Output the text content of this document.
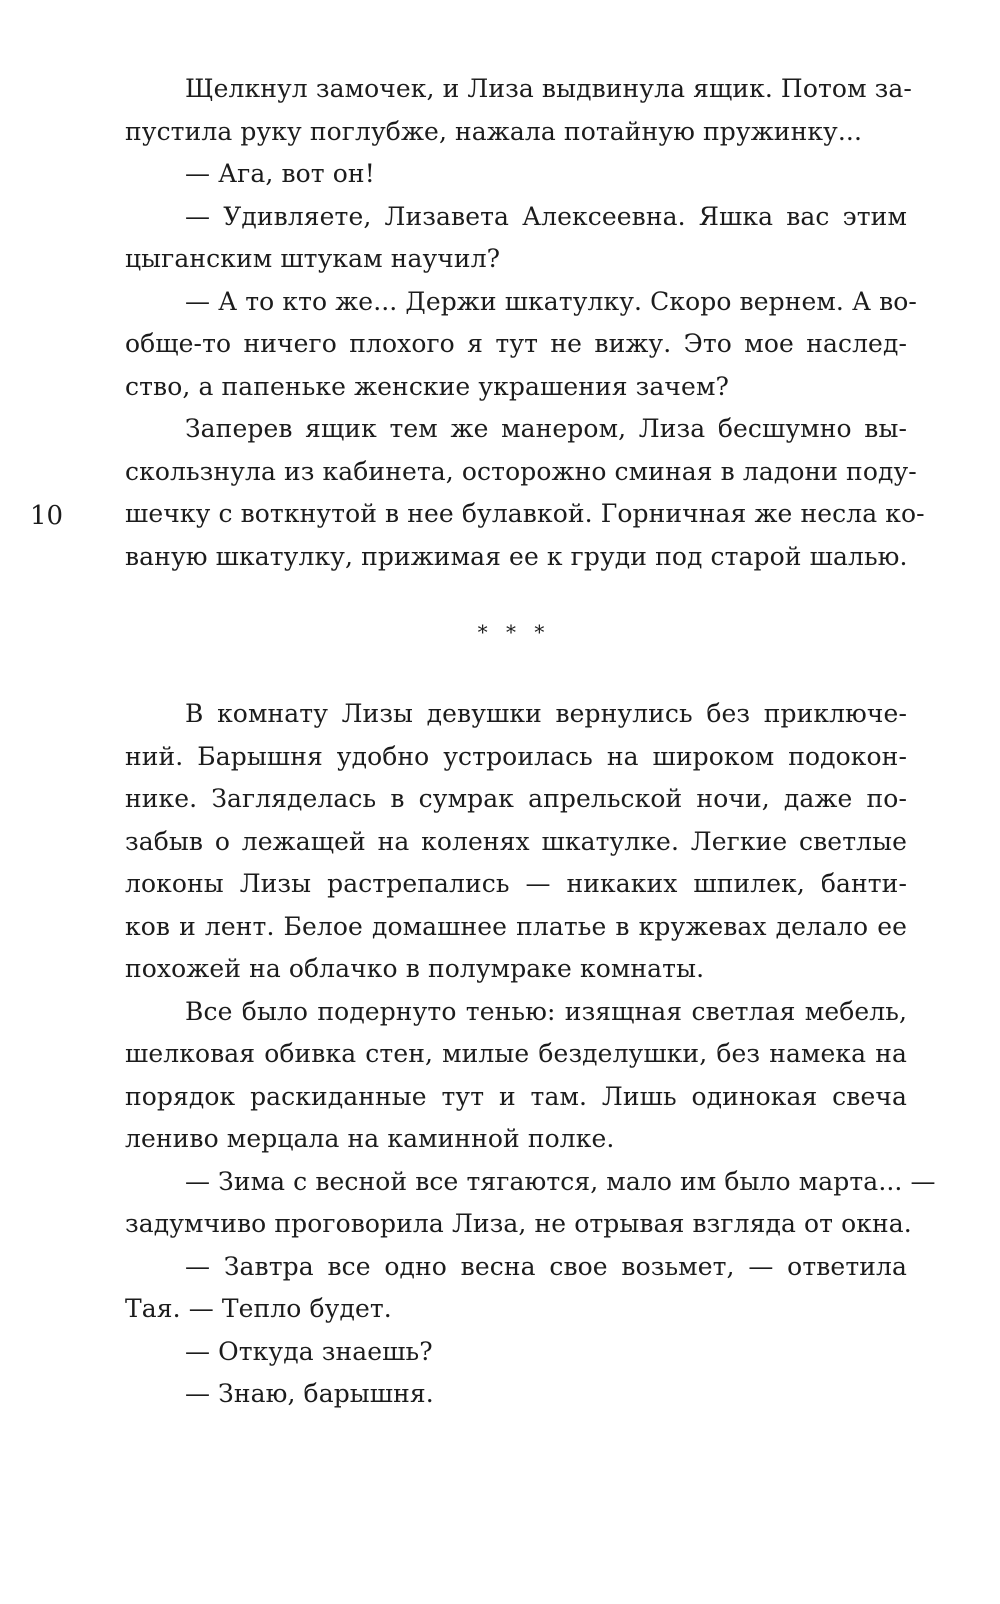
10
Щелкнул замочек, и Лиза выдвинула ящик. Потом за-
пустила руку поглубже, нажала потайную пружинку...
— Ага, вот он!
— Удивляете, Лизавета Алексеевна. Яшка вас этим
цыганским штукам научил?
— А то кто же... Держи шкатулку. Скоро вернем. А во-
обще-то ничего плохого я тут не вижу. Это мое наслед-
ство, а папеньке женские украшения зачем?
Заперев ящик тем же манером, Лиза бесшумно вы-
скользнула из кабинета, осторожно сминая в ладони поду-
шечку с воткнутой в нее булавкой. Горничная же несла ко-
ваную шкатулку, прижимая ее к груди под старой шалью.
* * *
В комнату Лизы девушки вернулись без приключе-
ний. Барышня удобно устроилась на широком подокон-
нике. Загляделась в сумрак апрельской ночи, даже по-
забыв о лежащей на коленях шкатулке. Легкие светлые
локоны Лизы растрепались — никаких шпилек, банти-
ков и лент. Белое домашнее платье в кружевах делало ее
похожей на облачко в полумраке комнаты.
Все было подернуто тенью: изящная светлая мебель,
шелковая обивка стен, милые безделушки, без намека на
порядок раскиданные тут и там. Лишь одинокая свеча
лениво мерцала на каминной полке.
— Зима с весной все тягаются, мало им было марта... —
задумчиво проговорила Лиза, не отрывая взгляда от окна.
— Завтра все одно весна свое возьмет, — ответила
Тая. — Тепло будет.
— Откуда знаешь?
— Знаю, барышня.
